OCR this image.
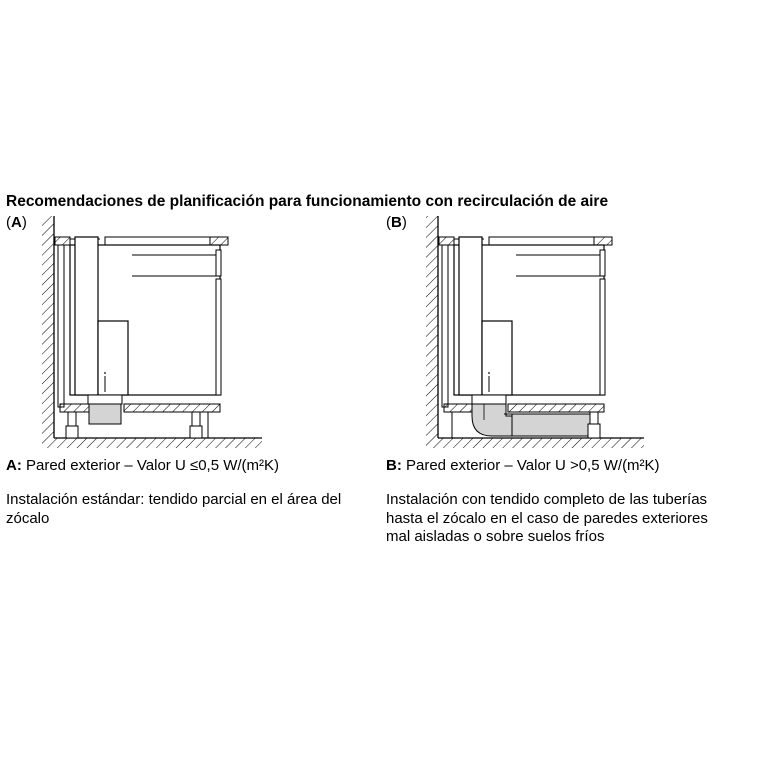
Recomendaciones de planificación para funcionamiento con recirculación de aire
(A)	(B)
A: Pared exterior – Valor U ≤0,5 W/(m²K)	B: Pared exterior – Valor U >0,5 W/(m²K)
Instalación estándar: tendido parcial en el área del zócalo
Instalación con tendido completo de las tuberías hasta el zócalo en el caso de paredes exteriores mal aisladas o sobre suelos fríos
